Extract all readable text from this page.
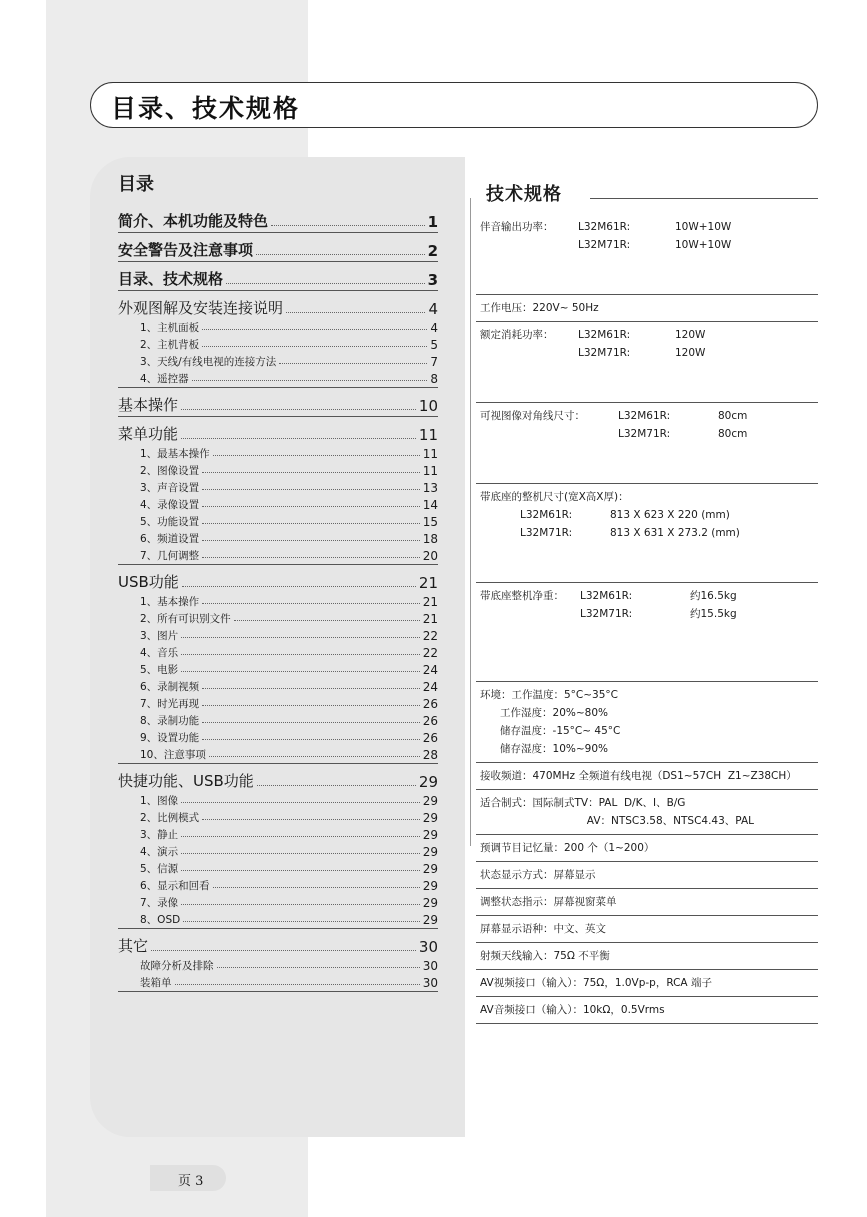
目录、技术规格
目录
简介、本机功能及特色	1
安全警告及注意事项	2
目录、技术规格	3
外观图解及安装连接说明	4
1、主机面板	4
2、主机背板	5
3、天线/有线电视的连接方法	7
4、遥控器	8
基本操作	10
菜单功能	11
1、最基本操作	11
2、图像设置	11
3、声音设置	13
4、录像设置	14
5、功能设置	15
6、频道设置	18
7、几何调整	20
USB功能	21
1、基本操作	21
2、所有可识别文件	21
3、图片	22
4、音乐	22
5、电影	24
6、录制视频	24
7、时光再现	26
8、录制功能	26
9、设置功能	26
10、注意事项	28
快捷功能、USB功能	29
1、图像	29
2、比例模式	29
3、静止	29
4、演示	29
5、信源	29
6、显示和回看	29
7、录像	29
8、OSD	29
其它	30
故障分析及排除	30
装箱单	30
技术规格
伴音输出功率： L32M61R:	10W+10W
L32M71R:	10W+10W
工作电压：220V~ 50Hz
额定消耗功率： L32M61R:	120W
L32M71R:	120W
可视图像对角线尺寸：	L32M61R:	80cm
L32M71R:	80cm
带底座的整机尺寸(宽X高X厚)：
L32M61R:	813 X 623 X 220 (mm)
L32M71R:	813 X 631 X 273.2 (mm)
带底座整机净重： L32M61R:	约16.5kg
L32M71R:	约15.5kg
环境：工作温度：5°C~35°C
工作湿度：20%~80%
储存温度：-15°C~ 45°C
储存湿度：10%~90%
接收频道：470MHz 全频道有线电视（DS1~57CH  Z1~Z38CH）
适合制式：国际制式TV：PAL  D/K、I、B/G
AV：NTSC3.58、NTSC4.43、PAL
预调节目记忆量：200 个（1~200）
状态显示方式：屏幕显示
调整状态指示：屏幕视窗菜单
屏幕显示语种：中文、英文
射频天线输入：75Ω 不平衡
AV视频接口（输入）：75Ω，1.0Vp-p，RCA 端子
AV音频接口（输入）：10kΩ，0.5Vrms
页 3
